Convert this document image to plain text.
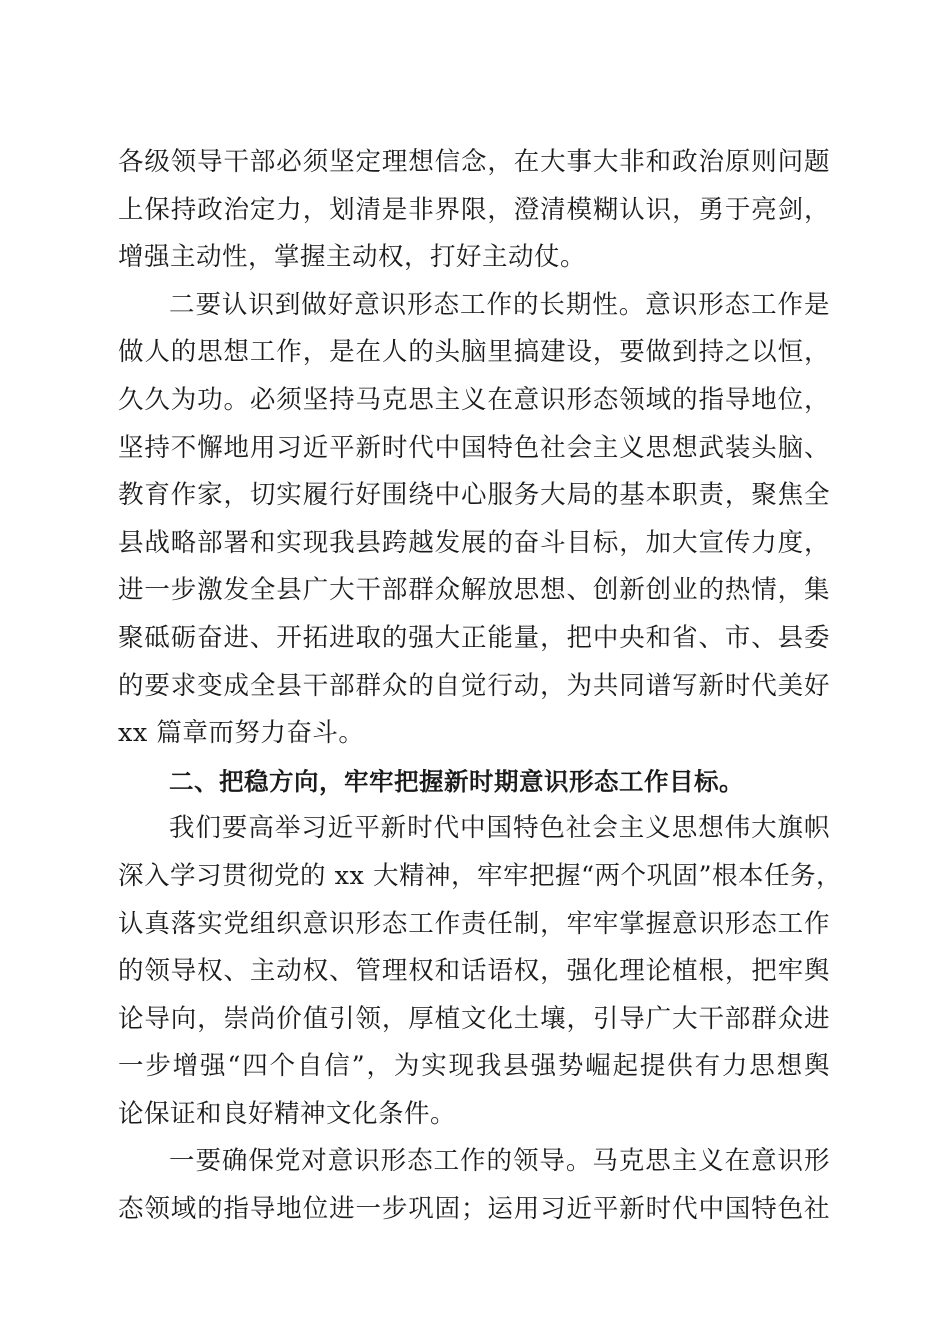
各级领导干部必须坚定理想信念，在大事大非和政治原则问题
上保持政治定力，划清是非界限，澄清模糊认识，勇于亮剑，
增强主动性，掌握主动权，打好主动仗。
二要认识到做好意识形态工作的长期性。意识形态工作是
做人的思想工作，是在人的头脑里搞建设，要做到持之以恒，
久久为功。必须坚持马克思主义在意识形态领域的指导地位，
坚持不懈地用习近平新时代中国特色社会主义思想武装头脑、
教育作家，切实履行好围绕中心服务大局的基本职责，聚焦全
县战略部署和实现我县跨越发展的奋斗目标，加大宣传力度，
进一步激发全县广大干部群众解放思想、创新创业的热情，集
聚砥砺奋进、开拓进取的强大正能量，把中央和省、市、县委
的要求变成全县干部群众的自觉行动，为共同谱写新时代美好
xx 篇章而努力奋斗。
二、把稳方向，牢牢把握新时期意识形态工作目标。
我们要高举习近平新时代中国特色社会主义思想伟大旗帜
深入学习贯彻党的 xx 大精神，牢牢把握“两个巩固”根本任务，
认真落实党组织意识形态工作责任制，牢牢掌握意识形态工作
的领导权、主动权、管理权和话语权，强化理论植根，把牢舆
论导向，崇尚价值引领，厚植文化土壤，引导广大干部群众进
一步增强“四个自信”，为实现我县强势崛起提供有力思想舆
论保证和良好精神文化条件。
一要确保党对意识形态工作的领导。马克思主义在意识形
态领域的指导地位进一步巩固；运用习近平新时代中国特色社
